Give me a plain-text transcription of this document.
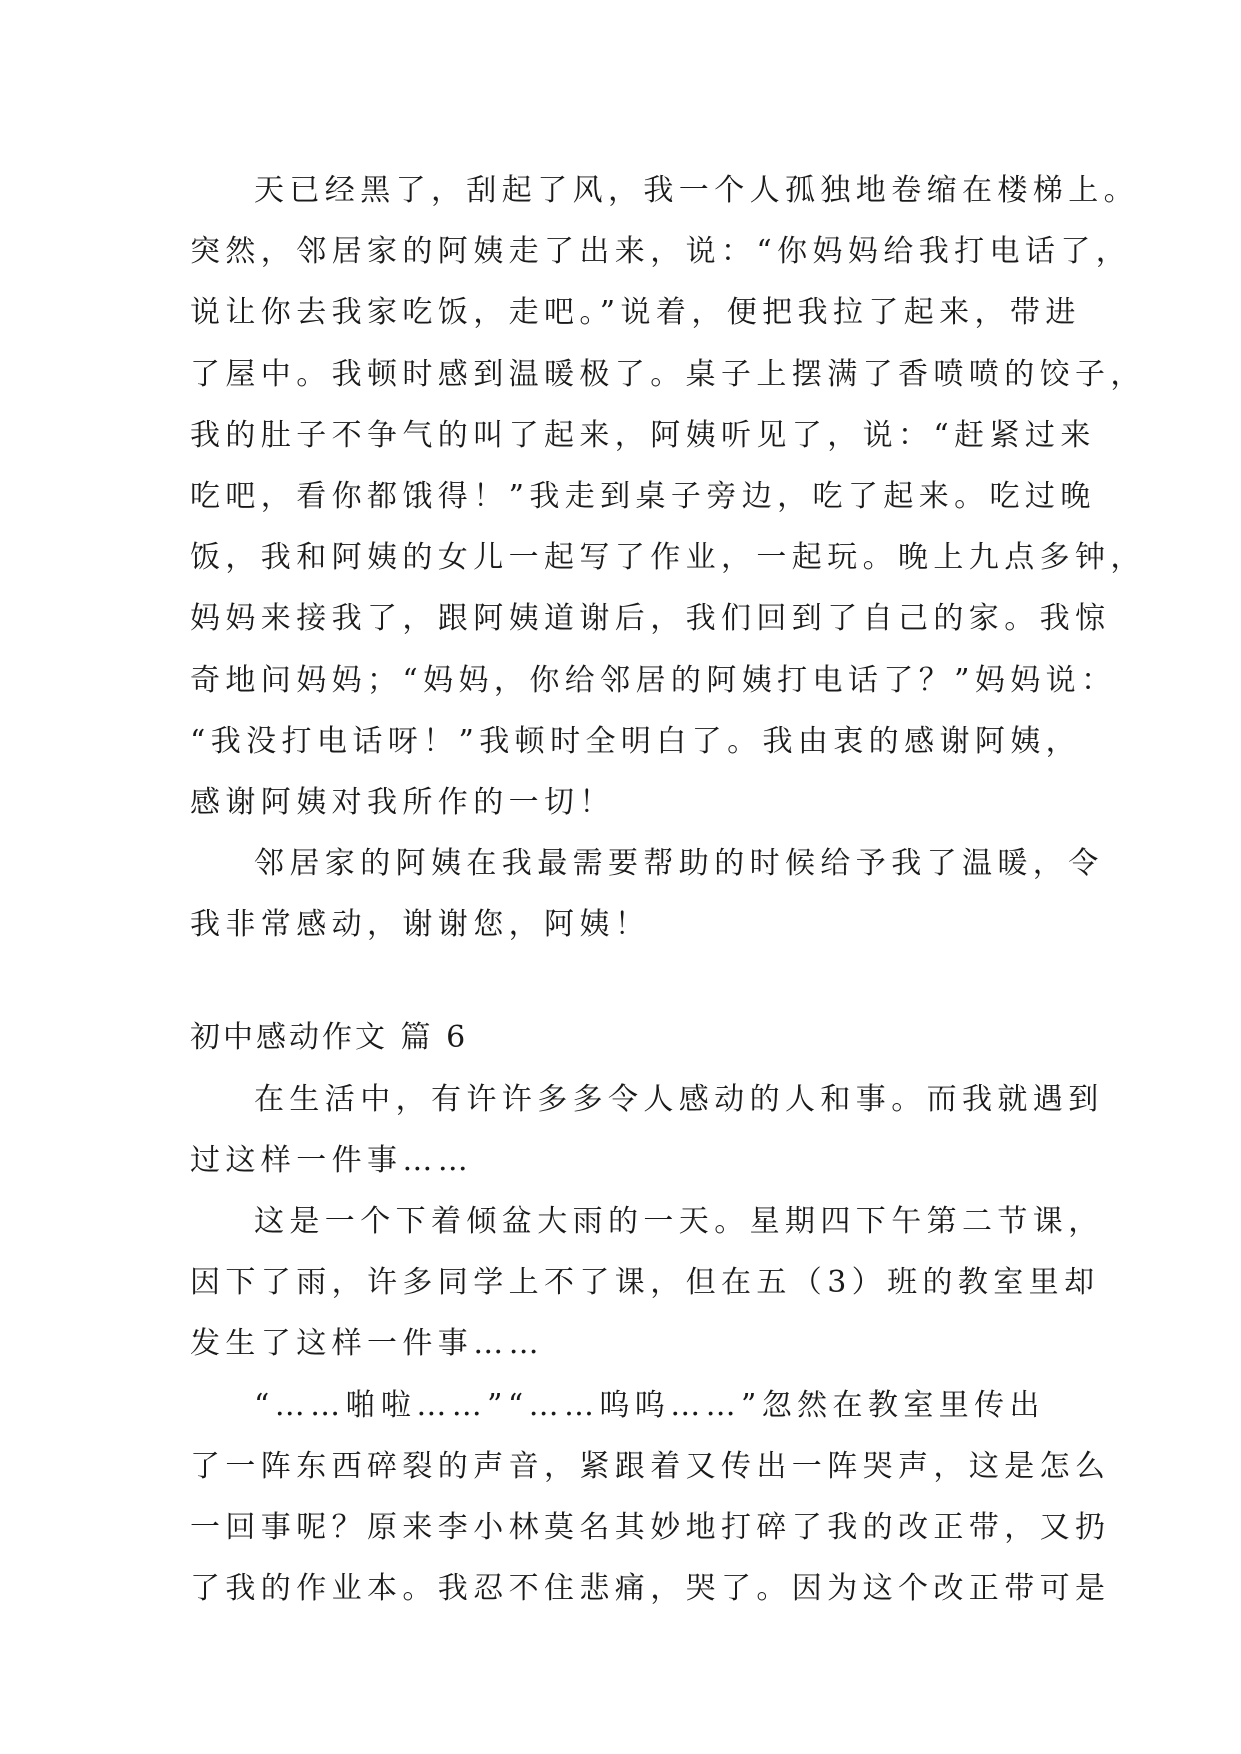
天已经黑了，刮起了风，我一个人孤独地卷缩在楼梯上。
突然，邻居家的阿姨走了出来，说：“你妈妈给我打电话了，
说让你去我家吃饭，走吧。”说着，便把我拉了起来，带进
了屋中。我顿时感到温暖极了。桌子上摆满了香喷喷的饺子，
我的肚子不争气的叫了起来，阿姨听见了，说：“赶紧过来
吃吧，看你都饿得！”我走到桌子旁边，吃了起来。吃过晚
饭，我和阿姨的女儿一起写了作业，一起玩。晚上九点多钟，
妈妈来接我了，跟阿姨道谢后，我们回到了自己的家。我惊
奇地问妈妈；“妈妈，你给邻居的阿姨打电话了？”妈妈说：
“我没打电话呀！”我顿时全明白了。我由衷的感谢阿姨，
感谢阿姨对我所作的一切！
邻居家的阿姨在我最需要帮助的时候给予我了温暖，令
我非常感动，谢谢您，阿姨！
初中感动作文 篇 6
在生活中，有许许多多令人感动的人和事。而我就遇到
过这样一件事……
这是一个下着倾盆大雨的一天。星期四下午第二节课，
因下了雨，许多同学上不了课，但在五（3）班的教室里却
发生了这样一件事……
“……啪啦……”“……呜呜……”忽然在教室里传出
了一阵东西碎裂的声音，紧跟着又传出一阵哭声，这是怎么
一回事呢？原来李小林莫名其妙地打碎了我的改正带，又扔
了我的作业本。我忍不住悲痛，哭了。因为这个改正带可是
